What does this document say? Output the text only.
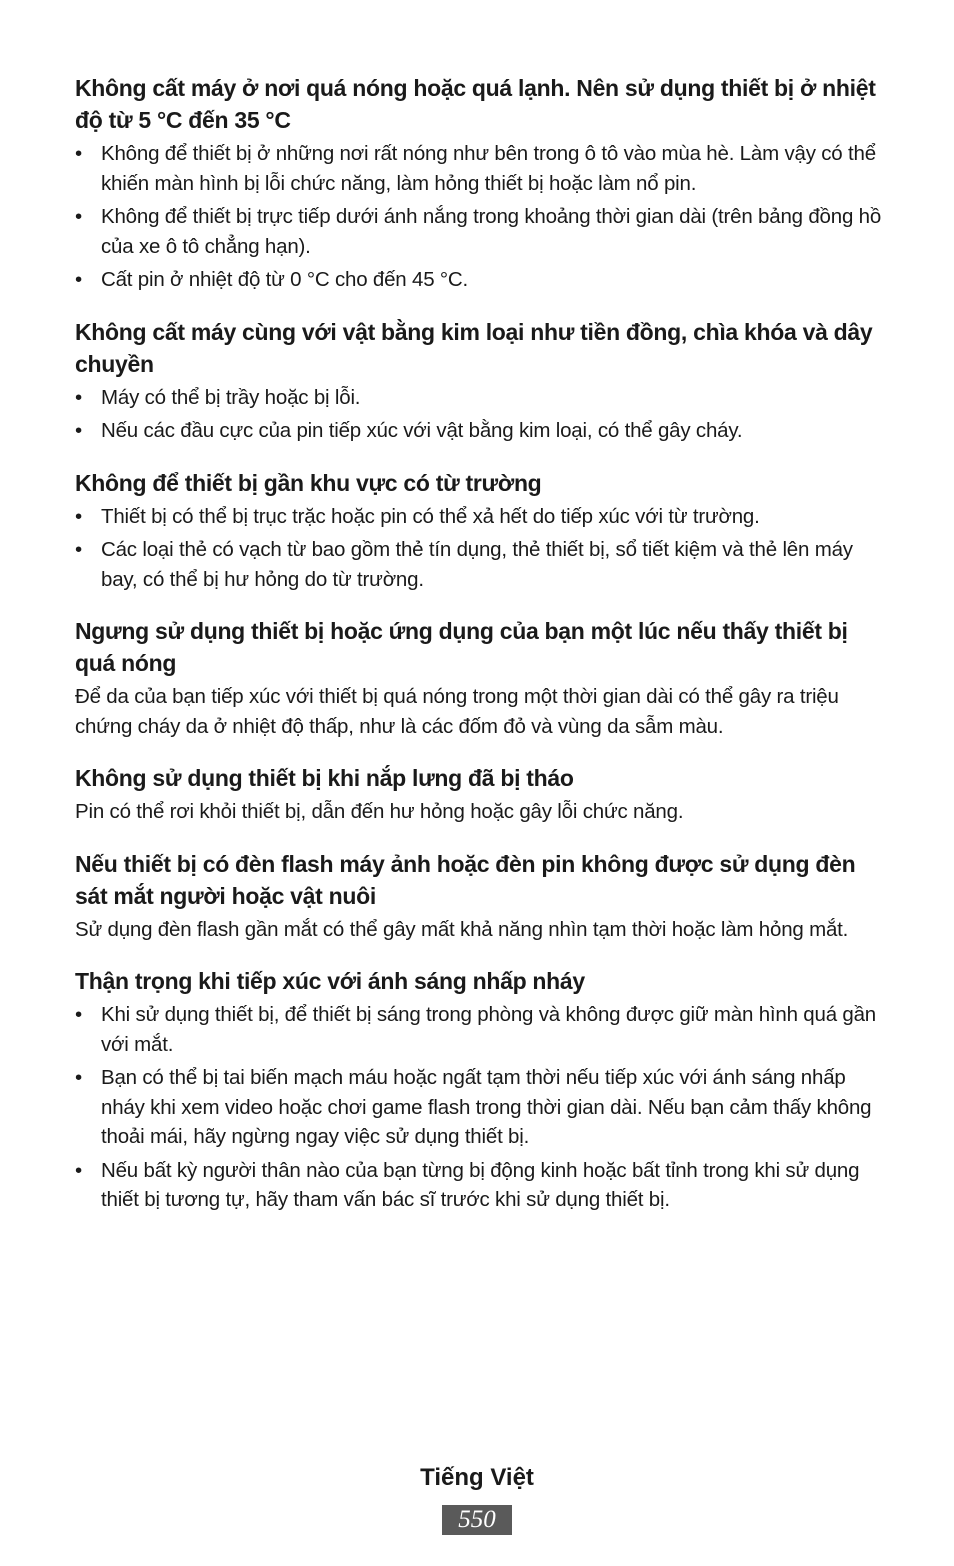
Không cất máy ở nơi quá nóng hoặc quá lạnh. Nên sử dụng thiết bị ở nhiệt độ từ 5 °C đến 35 °C
• Không để thiết bị ở những nơi rất nóng như bên trong ô tô vào mùa hè. Làm vậy có thể khiến màn hình bị lỗi chức năng, làm hỏng thiết bị hoặc làm nổ pin.
• Không để thiết bị trực tiếp dưới ánh nắng trong khoảng thời gian dài (trên bảng đồng hồ của xe ô tô chẳng hạn).
• Cất pin ở nhiệt độ từ 0 °C cho đến 45 °C.
Không cất máy cùng với vật bằng kim loại như tiền đồng, chìa khóa và dây chuyền
• Máy có thể bị trầy hoặc bị lỗi.
• Nếu các đầu cực của pin tiếp xúc với vật bằng kim loại, có thể gây cháy.
Không để thiết bị gần khu vực có từ trường
• Thiết bị có thể bị trục trặc hoặc pin có thể xả hết do tiếp xúc với từ trường.
• Các loại thẻ có vạch từ bao gồm thẻ tín dụng, thẻ thiết bị, sổ tiết kiệm và thẻ lên máy bay, có thể bị hư hỏng do từ trường.
Ngưng sử dụng thiết bị hoặc ứng dụng của bạn một lúc nếu thấy thiết bị quá nóng

Để da của bạn tiếp xúc với thiết bị quá nóng trong một thời gian dài có thể gây ra triệu chứng cháy da ở nhiệt độ thấp, như là các đốm đỏ và vùng da sẫm màu.

Không sử dụng thiết bị khi nắp lưng đã bị tháo

Pin có thể rơi khỏi thiết bị, dẫn đến hư hỏng hoặc gây lỗi chức năng.

Nếu thiết bị có đèn flash máy ảnh hoặc đèn pin không được sử dụng đèn sát mắt người hoặc vật nuôi

Sử dụng đèn flash gần mắt có thể gây mất khả năng nhìn tạm thời hoặc làm hỏng mắt.

Thận trọng khi tiếp xúc với ánh sáng nhấp nháy
• Khi sử dụng thiết bị, để thiết bị sáng trong phòng và không được giữ màn hình quá gần với mắt.
• Bạn có thể bị tai biến mạch máu hoặc ngất tạm thời nếu tiếp xúc với ánh sáng nhấp nháy khi xem video hoặc chơi game flash trong thời gian dài. Nếu bạn cảm thấy không thoải mái, hãy ngừng ngay việc sử dụng thiết bị.
• Nếu bất kỳ người thân nào của bạn từng bị động kinh hoặc bất tỉnh trong khi sử dụng thiết bị tương tự, hãy tham vấn bác sĩ trước khi sử dụng thiết bị.
Tiếng Việt
550
